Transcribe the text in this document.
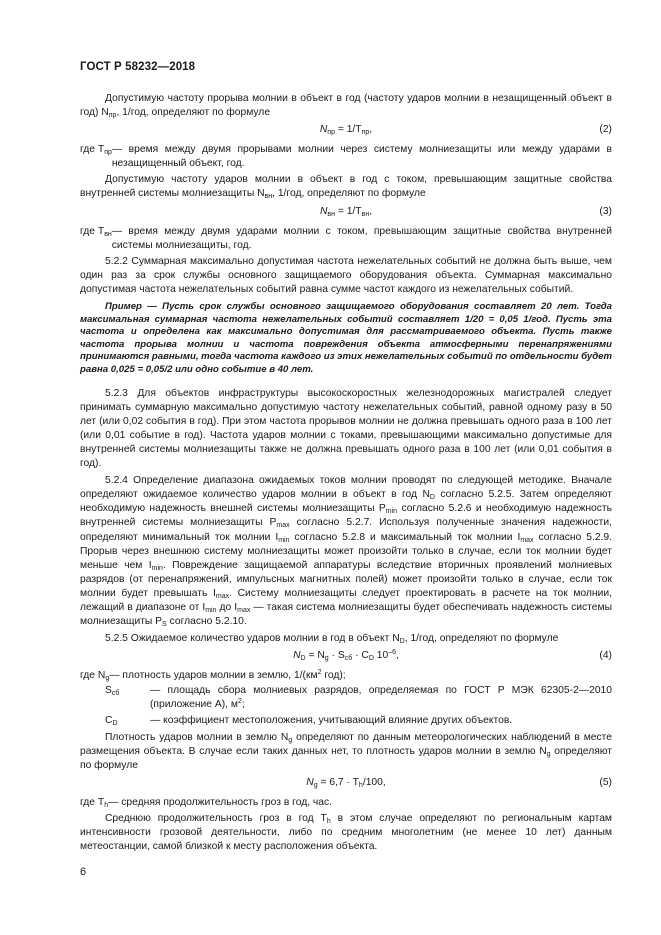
ГОСТ Р 58232—2018

Допустимую частоту прорыва молнии в объект в год (частоту ударов молнии в незащищенный объект в год) $N_{пр}$, 1/год, определяют по формуле

$N_{пр} = 1/T_{пр}$,	(2)
где $T_{пр}$ — время между двумя прорывами молнии через систему молниезащиты или между ударами в незащищенный объект, год.

Допустимую частоту ударов молнии в объект в год с током, превышающим защитные свойства внутренней системы молниезащиты $N_{вн}$, 1/год, определяют по формуле

$N_{вн} = 1/T_{вн}$,	(3)
где $T_{вн}$ — время между двумя ударами молнии с током, превышающим защитные свойства внутренней системы молниезащиты, год.

5.2.2 Суммарная максимально допустимая частота нежелательных событий не должна быть выше, чем один раз за срок службы основного защищаемого оборудования объекта. Суммарная максимально допустимая частота нежелательных событий равна сумме частот каждого из нежелательных событий.

Пример — Пусть срок службы основного защищаемого оборудования составляет 20 лет. Тогда максимальная суммарная частота нежелательных событий составляет 1/20 = 0,05 1/год. Пусть эта частота и определена как максимально допустимая для рассматриваемого объекта. Пусть также частота прорыва молнии и частота повреждения объекта атмосферными перенапряжениями принимаются равными, тогда частота каждого из этих нежелательных событий по отдельности будет равна 0,025 = 0,05/2 или одно событие в 40 лет.

5.2.3 Для объектов инфраструктуры высокоскоростных железнодорожных магистралей следует принимать суммарную максимально допустимую частоту нежелательных событий, равной одному разу в 50 лет (или 0,02 события в год). При этом частота прорывов молнии не должна превышать одного раза в 100 лет (или 0,01 событие в год). Частота ударов молнии с токами, превышающими максимально допустимые для внутренней системы молниезащиты также не должна превышать одного раза в 100 лет (или 0,01 события в год).

5.2.4 Определение диапазона ожидаемых токов молнии проводят по следующей методике. Вначале определяют ожидаемое количество ударов молнии в объект в год $N_D$ согласно 5.2.5. Затем определяют необходимую надежность внешней системы молниезащиты $P_{min}$ согласно 5.2.6 и необходимую надежность внутренней системы молниезащиты $P_{max}$ согласно 5.2.7. Используя полученные значения надежности, определяют минимальный ток молнии $I_{min}$ согласно 5.2.8 и максимальный ток молнии $I_{max}$ согласно 5.2.9. Прорыв через внешнюю систему молниезащиты может произойти только в случае, если ток молнии будет меньше чем $I_{min}$. Повреждение защищаемой аппаратуры вследствие вторичных проявлений молниевых разрядов (от перенапряжений, импульсных магнитных полей) может произойти только в случае, если ток молнии будет превышать $I_{max}$. Систему молниезащиты следует проектировать в расчете на ток молнии, лежащий в диапазоне от $I_{min}$ до $I_{max}$ — такая система молниезащиты будет обеспечивать надежность системы молниезащиты $P_S$ согласно 5.2.10.

5.2.5 Ожидаемое количество ударов молнии в год в объект $N_D$, 1/год, определяют по формуле

$N_D = N_g \cdot S_{сб} \cdot C_D$ $10^{-6}$,	(4)
где $N_g$ — плотность ударов молнии в землю, $1/(км^2$ год);
$S_{сб}$	— площадь сбора молниевых разрядов, определяемая по ГОСТ Р МЭК 62305-2—2010 (приложение А), $м^2$;
$C_D$	— коэффициент местоположения, учитывающий влияние других объектов.

Плотность ударов молнии в землю $N_g$ определяют по данным метеорологических наблюдений в месте размещения объекта. В случае если таких данных нет, то плотность ударов молнии в землю $N_g$ определяют по формуле

$N_g = 6,7 \cdot T_h/100$,	(5)
где $T_h$ — средняя продолжительность гроз в год, час.

Среднюю продолжительность гроз в год $T_h$ в этом случае определяют по региональным картам интенсивности грозовой деятельности, либо по средним многолетним (не менее 10 лет) данным метеостанции, самой близкой к месту расположения объекта.

6
